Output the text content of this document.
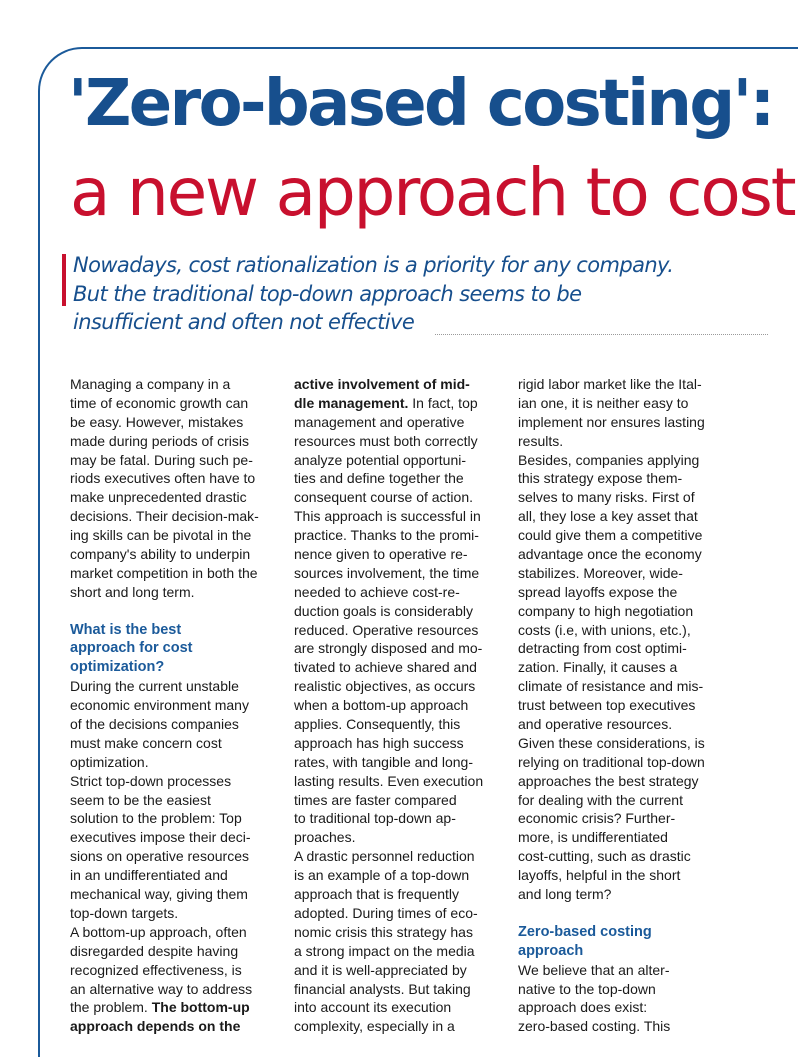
'Zero-based costing':
a new approach to cost
Nowadays, cost rationalization is a priority for any company.
But the traditional top-down approach seems to be
insufficient and often not effective
Managing a company in a
time of economic growth can
be easy. However, mistakes
made during periods of crisis
may be fatal. During such pe-
riods executives often have to
make unprecedented drastic
decisions. Their decision-mak-
ing skills can be pivotal in the
company's ability to underpin
market competition in both the
short and long term.
What is the best
approach for cost
optimization?
During the current unstable
economic environment many
of the decisions companies
must make concern cost
optimization.
Strict top-down processes
seem to be the easiest
solution to the problem: Top
executives impose their deci-
sions on operative resources
in an undifferentiated and
mechanical way, giving them
top-down targets.
A bottom-up approach, often
disregarded despite having
recognized effectiveness, is
an alternative way to address
the problem. The bottom-up
approach depends on the
active involvement of mid-
dle management. In fact, top
management and operative
resources must both correctly
analyze potential opportuni-
ties and define together the
consequent course of action.
This approach is successful in
practice. Thanks to the promi-
nence given to operative re-
sources involvement, the time
needed to achieve cost-re-
duction goals is considerably
reduced. Operative resources
are strongly disposed and mo-
tivated to achieve shared and
realistic objectives, as occurs
when a bottom-up approach
applies. Consequently, this
approach has high success
rates, with tangible and long-
lasting results. Even execution
times are faster compared
to traditional top-down ap-
proaches.
A drastic personnel reduction
is an example of a top-down
approach that is frequently
adopted. During times of eco-
nomic crisis this strategy has
a strong impact on the media
and it is well-appreciated by
financial analysts. But taking
into account its execution
complexity, especially in a
rigid labor market like the Ital-
ian one, it is neither easy to
implement nor ensures lasting
results.
Besides, companies applying
this strategy expose them-
selves to many risks. First of
all, they lose a key asset that
could give them a competitive
advantage once the economy
stabilizes. Moreover, wide-
spread layoffs expose the
company to high negotiation
costs (i.e, with unions, etc.),
detracting from cost optimi-
zation. Finally, it causes a
climate of resistance and mis-
trust between top executives
and operative resources.
Given these considerations, is
relying on traditional top-down
approaches the best strategy
for dealing with the current
economic crisis? Further-
more, is undifferentiated
cost-cutting, such as drastic
layoffs, helpful in the short
and long term?
Zero-based costing
approach
We believe that an alter-
native to the top-down
approach does exist:
zero-based costing. This
